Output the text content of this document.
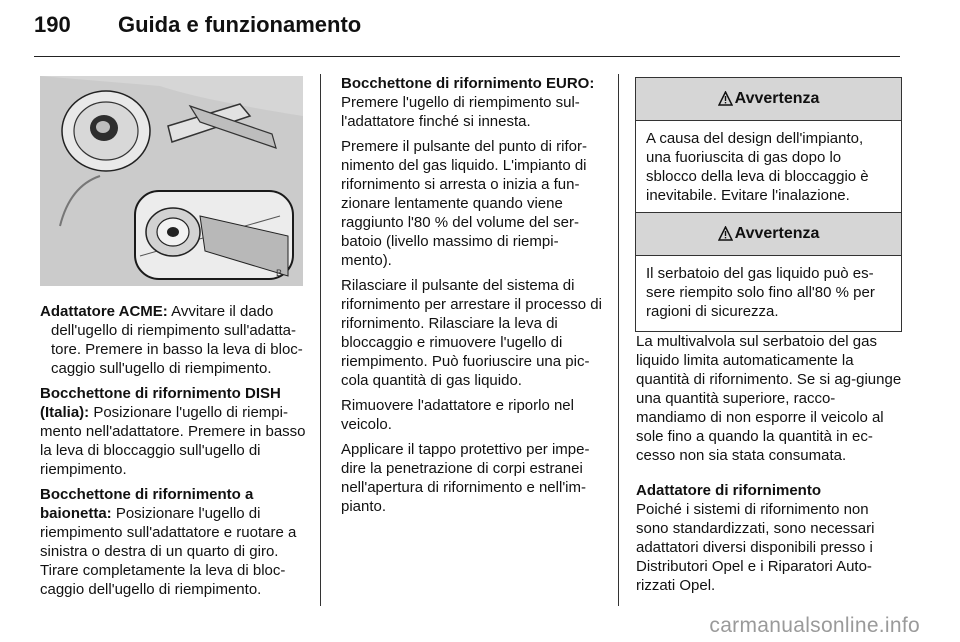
190 Guida e funzionamento
B

Adattatore ACME: Avvitare il dado dell'ugello di riempimento sull'adatta-tore. Premere in basso la leva di bloc-caggio sull'ugello di riempimento.

Bocchettone di rifornimento DISH (Italia): Posizionare l'ugello di riempi-mento nell'adattatore. Premere in basso la leva di bloccaggio sull'ugello di riempimento.

Bocchettone di rifornimento a baionetta: Posizionare l'ugello di riempimento sull'adattatore e ruotare a sinistra o destra di un quarto di giro. Tirare completamente la leva di bloc-caggio dell'ugello di riempimento.

Bocchettone di rifornimento EURO: Premere l'ugello di riempimento sul-l'adattatore finché si innesta.

Premere il pulsante del punto di rifor-nimento del gas liquido. L'impianto di rifornimento si arresta o inizia a fun-zionare lentamente quando viene raggiunto l'80 % del volume del ser-batoio (livello massimo di riempi-mento).

Rilasciare il pulsante del sistema di rifornimento per arrestare il processo di rifornimento. Rilasciare la leva di bloccaggio e rimuovere l'ugello di riempimento. Può fuoriuscire una pic-cola quantità di gas liquido.

Rimuovere l'adattatore e riporlo nel veicolo.

Applicare il tappo protettivo per impe-dire la penetrazione di corpi estranei nell'apertura di rifornimento e nell'im-pianto.

Avvertenza
A causa del design dell'impianto, una fuoriuscita di gas dopo lo sblocco della leva di bloccaggio è inevitabile. Evitare l'inalazione.
Avvertenza
Il serbatoio del gas liquido può es-sere riempito solo fino all'80 % per ragioni di sicurezza.

La multivalvola sul serbatoio del gas liquido limita automaticamente la quantità di rifornimento. Se si ag-giunge una quantità superiore, racco-mandiamo di non esporre il veicolo al sole fino a quando la quantità in ec-cesso non sia stata consumata.

Adattatore di rifornimento

Poiché i sistemi di rifornimento non sono standardizzati, sono necessari adattatori diversi disponibili presso i Distributori Opel e i Riparatori Auto-rizzati Opel.

carmanualsonline.info
